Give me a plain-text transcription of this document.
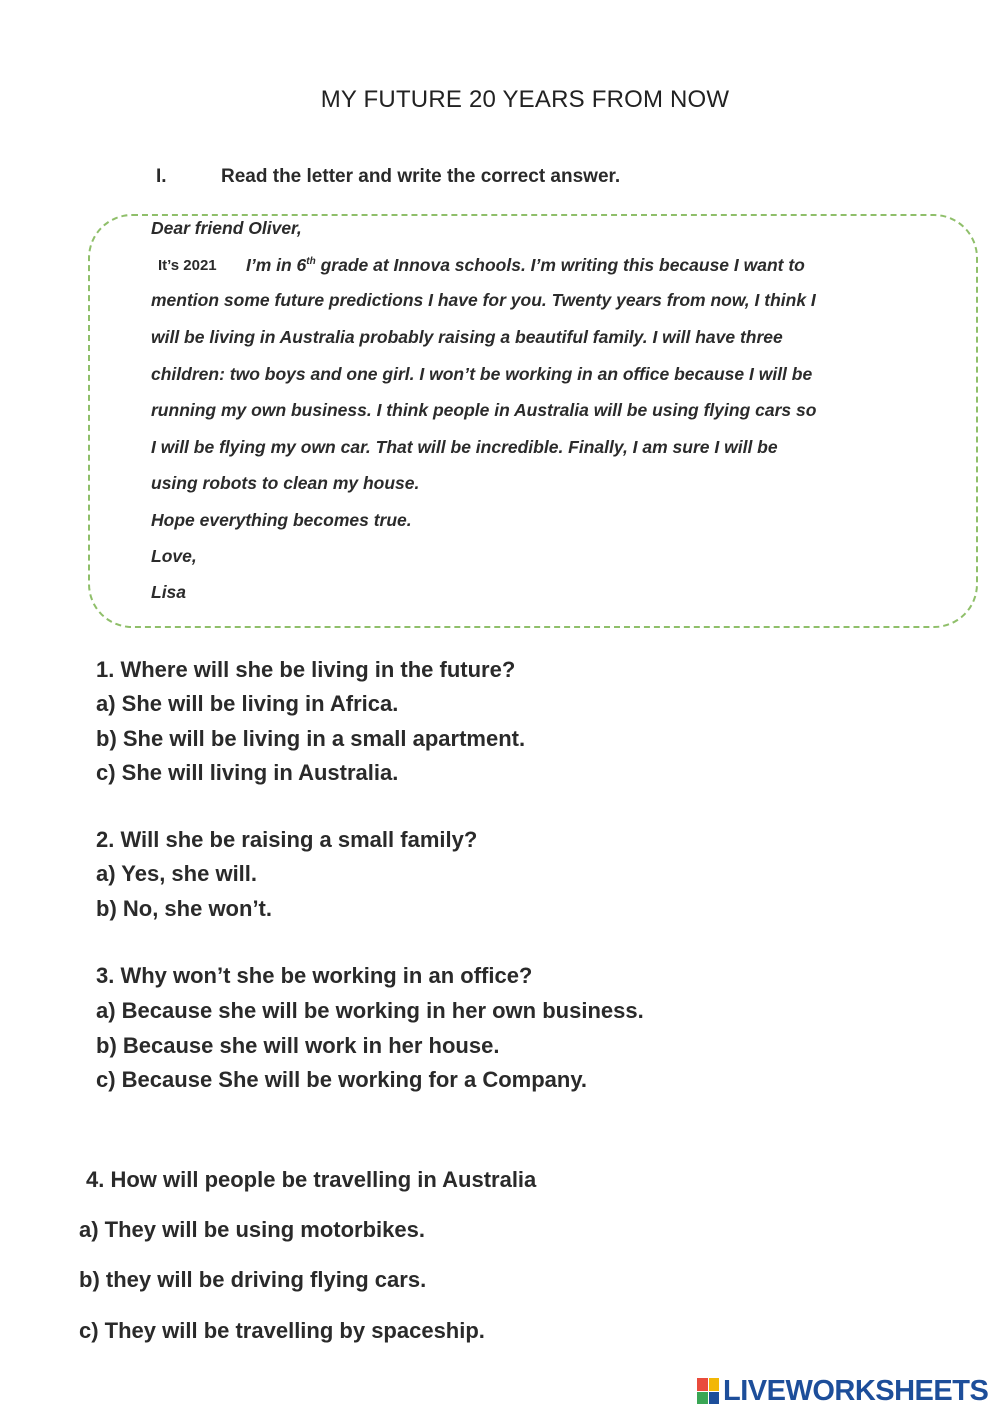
MY FUTURE 20 YEARS FROM NOW
I.	Read the letter and write the correct answer.
Dear friend Oliver,
It’s 2021 I’m in 6th grade at Innova schools. I’m writing this because I want to
mention some future predictions I have for you. Twenty years from now, I think I
will be living in Australia probably raising a beautiful family. I will have three
children: two boys and one girl. I won’t be working in an office because I will be
running my own business. I think people in Australia will be using flying cars so
I will be flying my own car. That will be incredible. Finally, I am sure I will be
using robots to clean my house.
Hope everything becomes true.
Love,
Lisa
1. Where will she be living in the future?
a) She will be living in Africa.
b) She will be living in a small apartment.
c) She will living in Australia.
2. Will she be raising a small family?
a) Yes, she will.
b) No, she won’t.
3. Why won’t she be working in an office?
a) Because she will be working in her own business.
b) Because she will work in her house.
c) Because She will be working for a Company.
4. How will people be travelling in Australia
a) They will be using motorbikes.
b) they will be driving flying cars.
c) They will be travelling by spaceship.
LIVEWORKSHEETS
